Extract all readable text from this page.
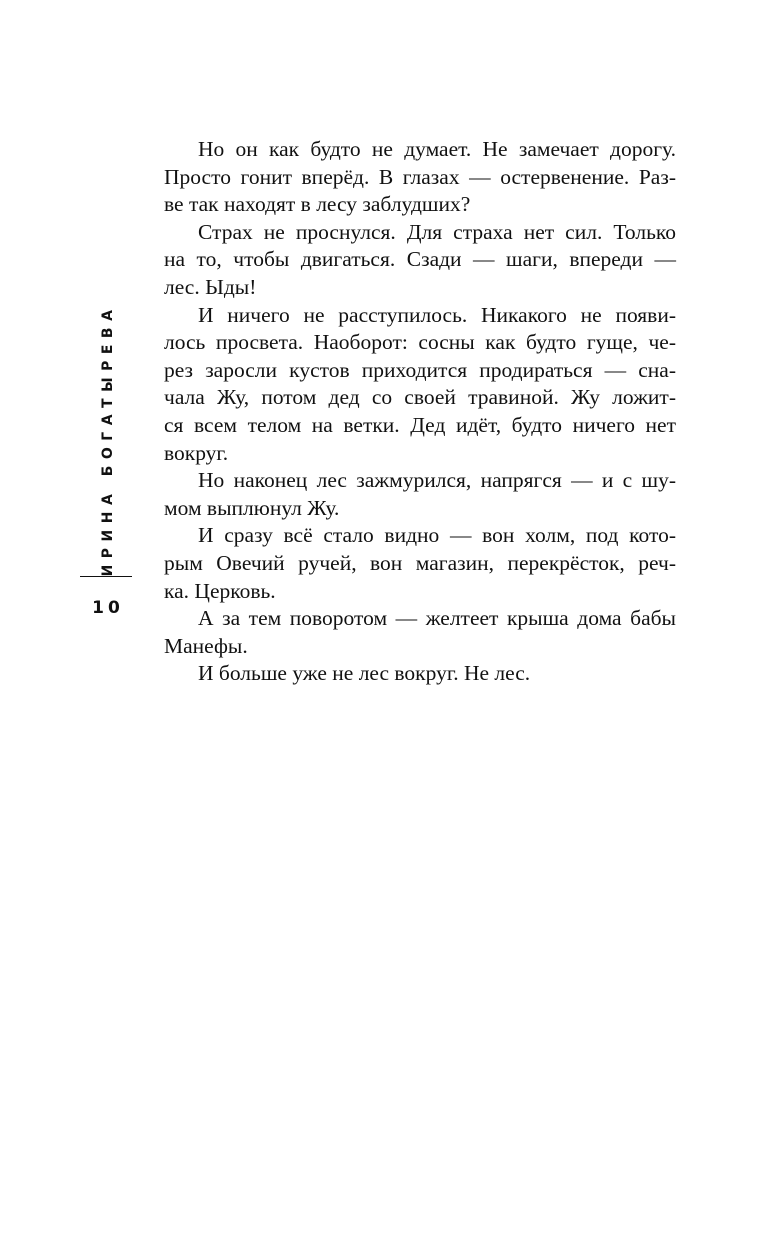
ИРИНА БОГАТЫРЕВА
10
Но он как будто не думает. Не замечает дорогу.
Просто гонит вперёд. В глазах — остервенение. Раз-
ве так находят в лесу заблудших?
Страх не проснулся. Для страха нет сил. Только
на то, чтобы двигаться. Сзади — шаги, впереди —
лес. Ыды!
И ничего не расступилось. Никакого не появи-
лось просвета. Наоборот: сосны как будто гуще, че-
рез заросли кустов приходится продираться — сна-
чала Жу, потом дед со своей травиной. Жу ложит-
ся всем телом на ветки. Дед идёт, будто ничего нет
вокруг.
Но наконец лес зажмурился, напрягся — и с шу-
мом выплюнул Жу.
И сразу всё стало видно — вон холм, под кото-
рым Овечий ручей, вон магазин, перекрёсток, реч-
ка. Церковь.
А за тем поворотом — желтеет крыша дома бабы
Манефы.
И больше уже не лес вокруг. Не лес.
